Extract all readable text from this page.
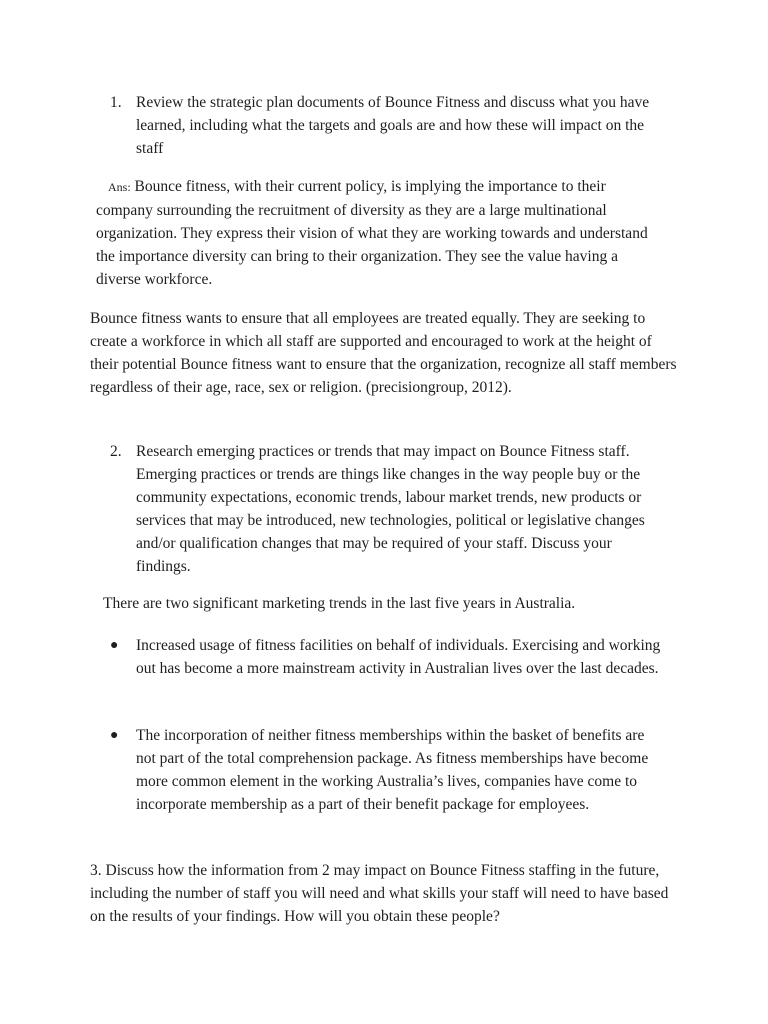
1. Review the strategic plan documents of Bounce Fitness and discuss what you have learned, including what the targets and goals are and how these will impact on the staff
Ans: Bounce fitness, with their current policy, is implying the importance to their company surrounding the recruitment of diversity as they are a large multinational organization. They express their vision of what they are working towards and understand the importance diversity can bring to their organization. They see the value having a diverse workforce.
Bounce fitness wants to ensure that all employees are treated equally. They are seeking to create a workforce in which all staff are supported and encouraged to work at the height of their potential Bounce fitness want to ensure that the organization, recognize all staff members regardless of their age, race, sex or religion. (precisiongroup, 2012).
2. Research emerging practices or trends that may impact on Bounce Fitness staff. Emerging practices or trends are things like changes in the way people buy or the community expectations, economic trends, labour market trends, new products or services that may be introduced, new technologies, political or legislative changes and/or qualification changes that may be required of your staff. Discuss your findings.
There are two significant marketing trends in the last five years in Australia.
●	Increased usage of fitness facilities on behalf of individuals. Exercising and working out has become a more mainstream activity in Australian lives over the last decades.
●	The incorporation of neither fitness memberships within the basket of benefits are not part of the total comprehension package. As fitness memberships have become more common element in the working Australia’s lives, companies have come to incorporate membership as a part of their benefit package for employees.
3. Discuss how the information from 2 may impact on Bounce Fitness staffing in the future, including the number of staff you will need and what skills your staff will need to have based on the results of your findings. How will you obtain these people?
